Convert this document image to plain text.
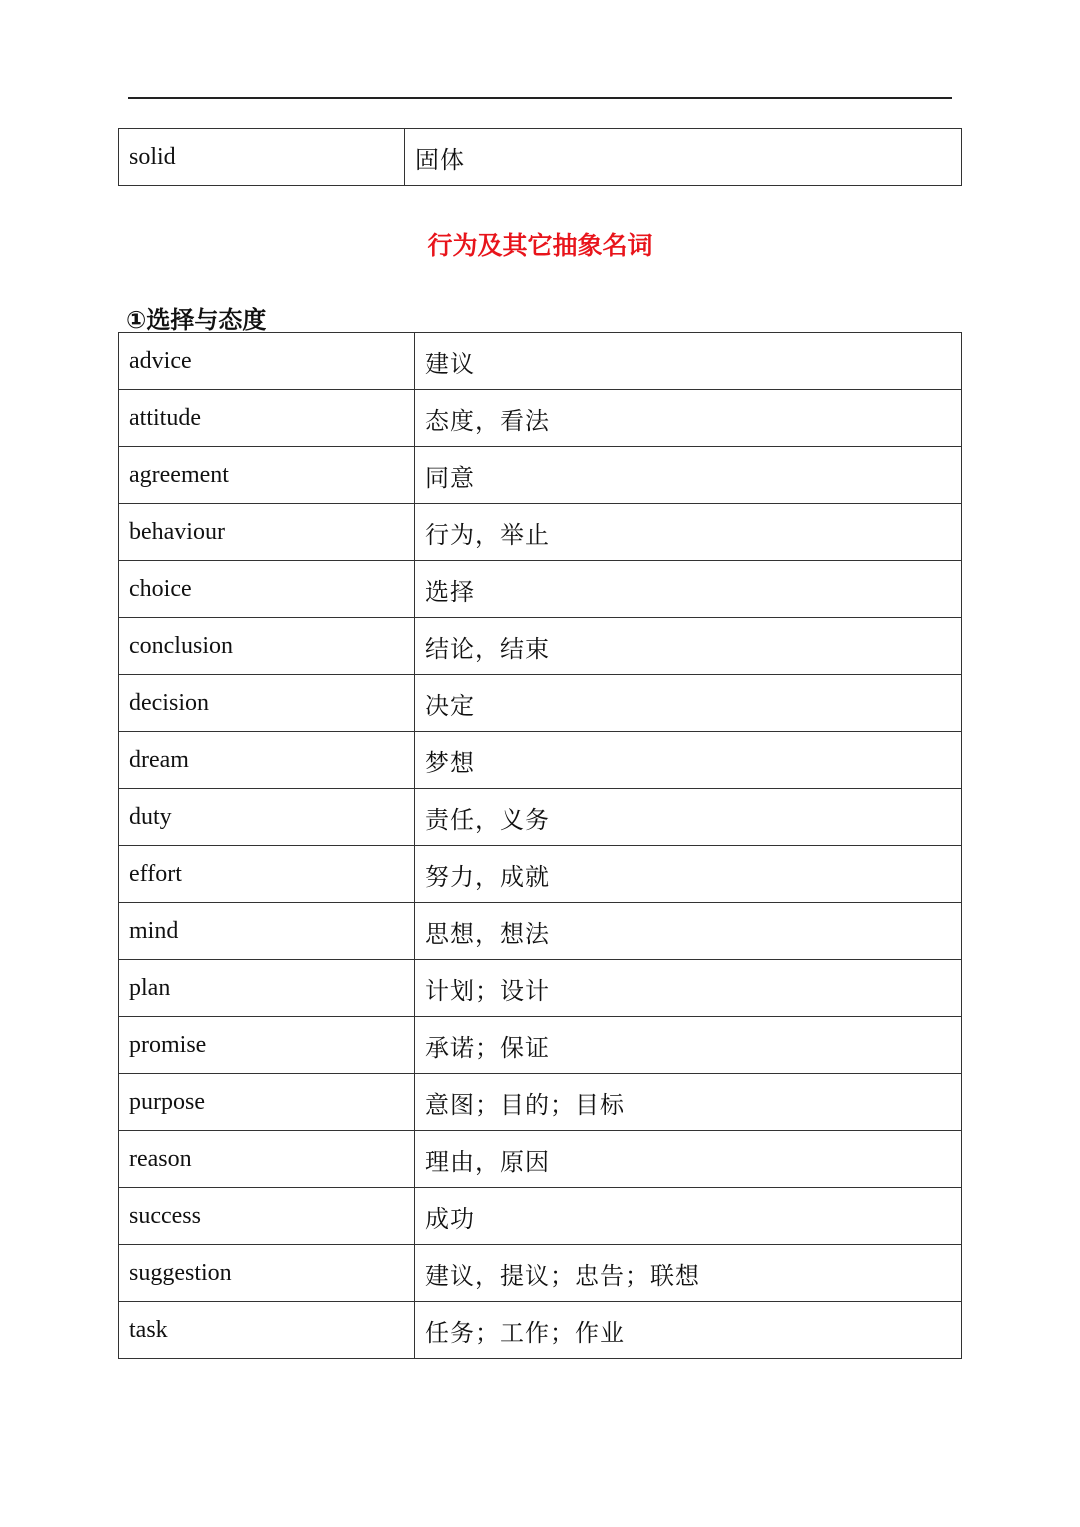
solid	固体
行为及其它抽象名词
①选择与态度
advice	建议
attitude	态度，看法
agreement	同意
behaviour	行为，举止
choice	选择
conclusion	结论，结束
decision	决定
dream	梦想
duty	责任，义务
effort	努力，成就
mind	思想，想法
plan	计划；设计
promise	承诺；保证
purpose	意图；目的；目标
reason	理由，原因
success	成功
suggestion	建议，提议；忠告；联想
task	任务；工作；作业
